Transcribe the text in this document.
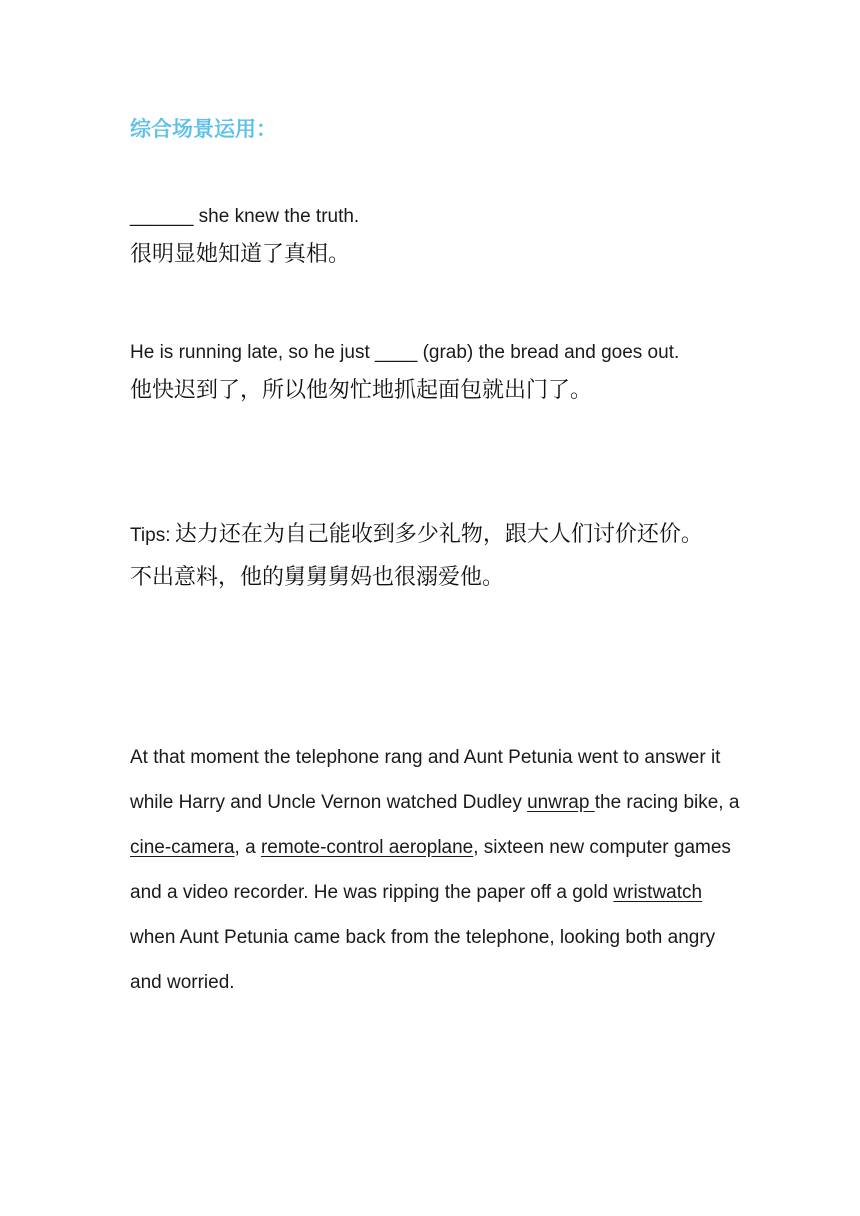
综合场景运用：
______ she knew the truth.
很明显她知道了真相。
He is running late, so he just ____ (grab) the bread and goes out.
他快迟到了，所以他匆忙地抓起面包就出门了。
Tips: 达力还在为自己能收到多少礼物，跟大人们讨价还价。
不出意料，他的舅舅舅妈也很溺爱他。
At that moment the telephone rang and Aunt Petunia went to answer it while Harry and Uncle Vernon watched Dudley unwrap the racing bike, a cine-camera, a remote-control aeroplane, sixteen new computer games and a video recorder. He was ripping the paper off a gold wristwatch when Aunt Petunia came back from the telephone, looking both angry and worried.
